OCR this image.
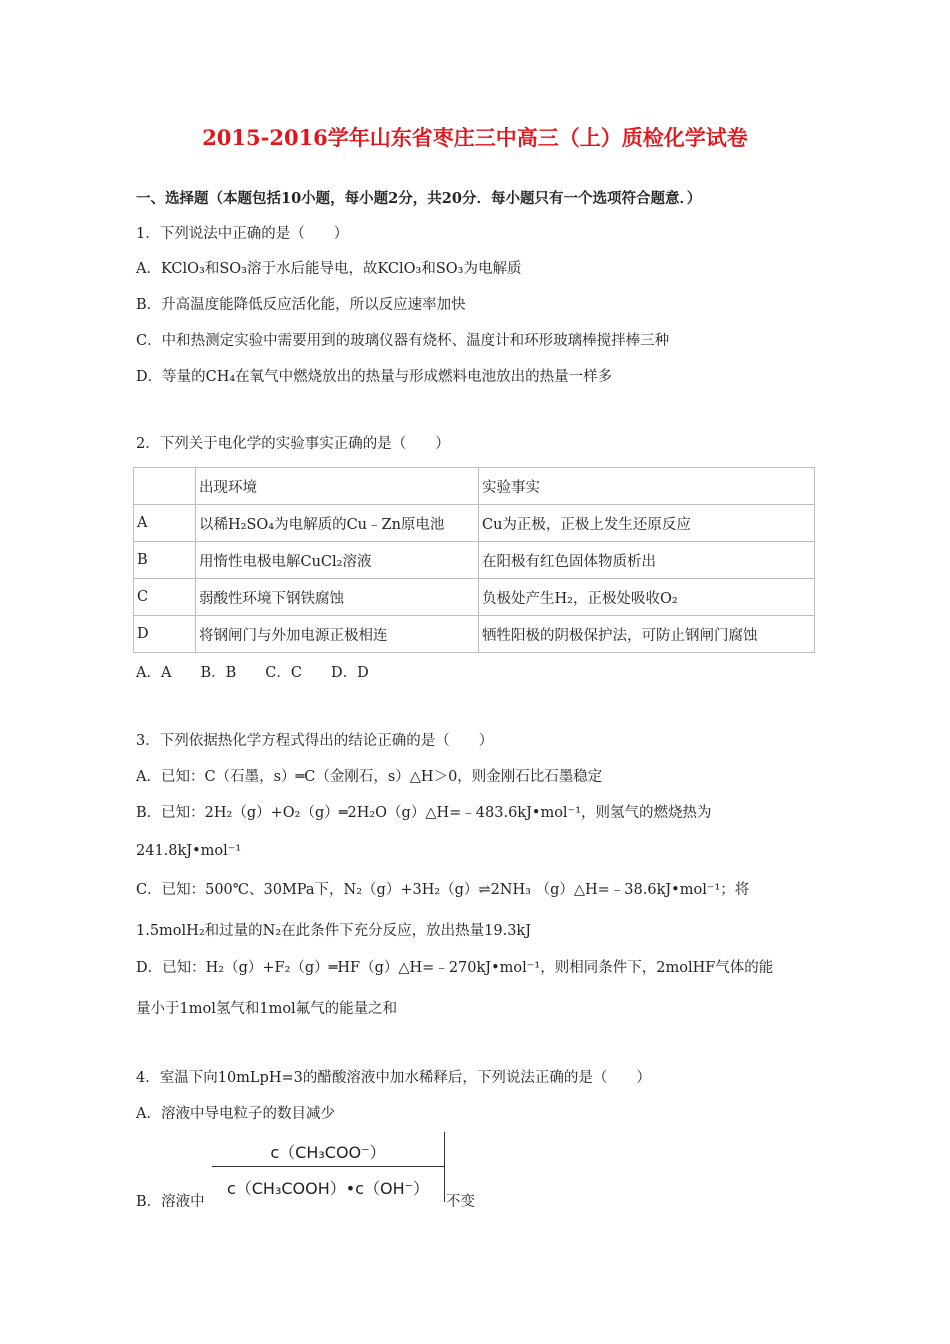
2015-2016学年山东省枣庄三中高三（上）质检化学试卷
一、选择题（本题包括10小题，每小题2分，共20分．每小题只有一个选项符合题意．）
1．下列说法中正确的是（　　）
A．KClO₃和SO₃溶于水后能导电，故KClO₃和SO₃为电解质
B．升高温度能降低反应活化能，所以反应速率加快
C．中和热测定实验中需要用到的玻璃仪器有烧杯、温度计和环形玻璃棒搅拌棒三种
D．等量的CH₄在氧气中燃烧放出的热量与形成燃料电池放出的热量一样多
2．下列关于电化学的实验事实正确的是（　　）
	出现环境	实验事实
A	以稀H₂SO₄为电解质的Cu﹣Zn原电池	Cu为正极，正极上发生还原反应
B	用惰性电极电解CuCl₂溶液	在阳极有红色固体物质析出
C	弱酸性环境下钢铁腐蚀	负极处产生H₂，正极处吸收O₂
D	将钢闸门与外加电源正极相连	牺牲阳极的阴极保护法，可防止钢闸门腐蚀
A．A　　B．B　　C．C　　D．D
3．下列依据热化学方程式得出的结论正确的是（　　）
A．已知：C（石墨，s）═C（金刚石，s）△H＞0，则金刚石比石墨稳定
B．已知：2H₂（g）+O₂（g）═2H₂O（g）△H=﹣483.6kJ•mol⁻¹，则氢气的燃烧热为
241.8kJ•mol⁻¹
C．已知：500℃、30MPa下，N₂（g）+3H₂（g）⇌2NH₃ （g）△H=﹣38.6kJ•mol⁻¹；将
1.5molH₂和过量的N₂在此条件下充分反应，放出热量19.3kJ
D．已知：H₂（g）+F₂（g）═HF（g）△H=﹣270kJ•mol⁻¹，则相同条件下，2molHF气体的能
量小于1mol氢气和1mol氟气的能量之和
4．室温下向10mLpH=3的醋酸溶液中加水稀释后，下列说法正确的是（　　）
A．溶液中导电粒子的数目减少
B．溶液中
c（CH₃COO⁻）
c（CH₃COOH）•c（OH⁻）
不变
